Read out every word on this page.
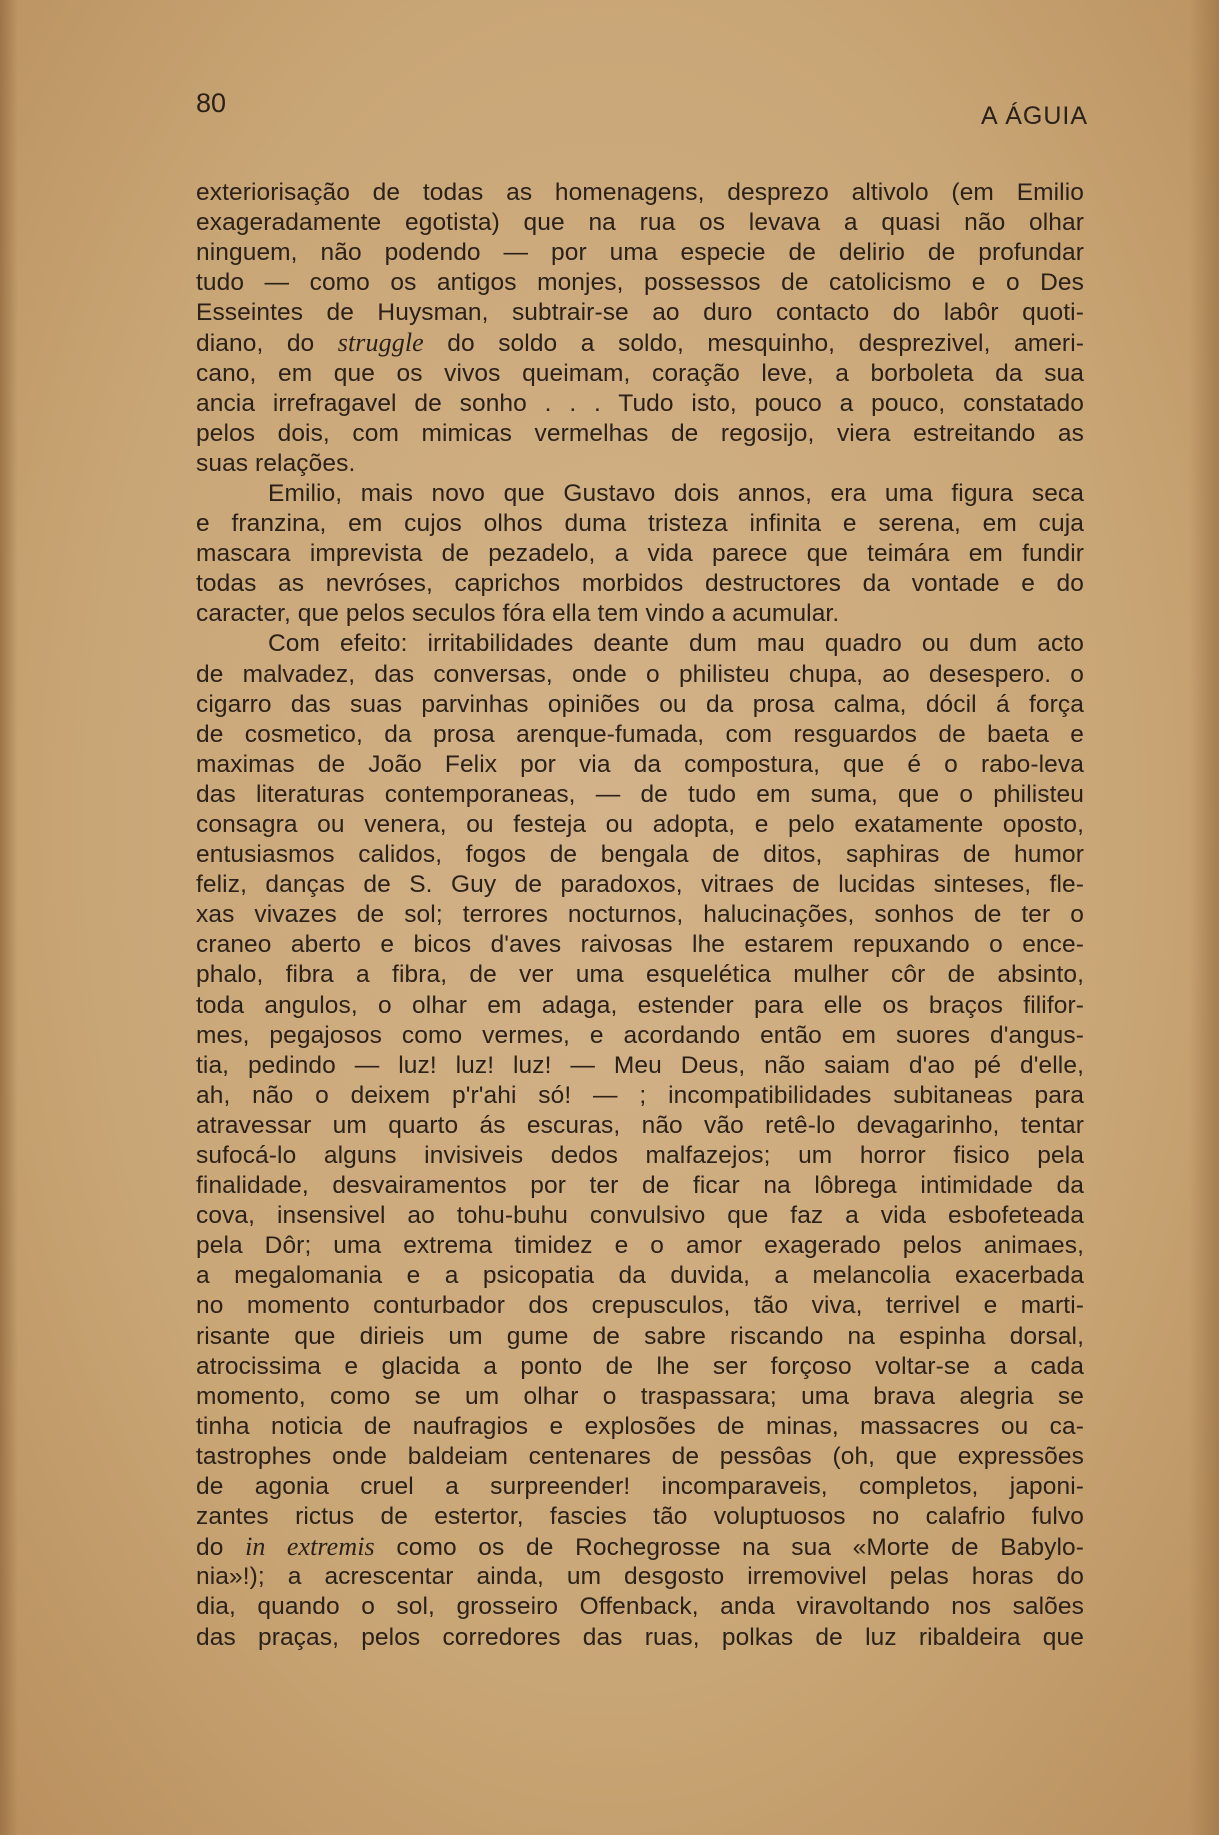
80	A ÁGUIA
exteriorisação de todas as homenagens, desprezo altivolo (em Emilio
exageradamente egotista) que na rua os levava a quasi não olhar
ninguem, não podendo — por uma especie de delirio de profundar
tudo — como os antigos monjes, possessos de catolicismo e o Des
Esseintes de Huysman, subtrair-se ao duro contacto do labôr quoti-
diano, do struggle do soldo a soldo, mesquinho, desprezivel, ameri-
cano, em que os vivos queimam, coração leve, a borboleta da sua
ancia irrefragavel de sonho . . . Tudo isto, pouco a pouco, constatado
pelos dois, com mimicas vermelhas de regosijo, viera estreitando as
suas relações.
Emilio, mais novo que Gustavo dois annos, era uma figura seca
e franzina, em cujos olhos duma tristeza infinita e serena, em cuja
mascara imprevista de pezadelo, a vida parece que teimára em fundir
todas as nevróses, caprichos morbidos destructores da vontade e do
caracter, que pelos seculos fóra ella tem vindo a acumular.
Com efeito: irritabilidades deante dum mau quadro ou dum acto
de malvadez, das conversas, onde o philisteu chupa, ao desespero. o
cigarro das suas parvinhas opiniões ou da prosa calma, dócil á força
de cosmetico, da prosa arenque-fumada, com resguardos de baeta e
maximas de João Felix por via da compostura, que é o rabo-leva
das literaturas contemporaneas, — de tudo em suma, que o philisteu
consagra ou venera, ou festeja ou adopta, e pelo exatamente oposto,
entusiasmos calidos, fogos de bengala de ditos, saphiras de humor
feliz, danças de S. Guy de paradoxos, vitraes de lucidas sinteses, fle-
xas vivazes de sol; terrores nocturnos, halucinações, sonhos de ter o
craneo aberto e bicos d'aves raivosas lhe estarem repuxando o ence-
phalo, fibra a fibra, de ver uma esquelética mulher côr de absinto,
toda angulos, o olhar em adaga, estender para elle os braços filifor-
mes, pegajosos como vermes, e acordando então em suores d'angus-
tia, pedindo — luz! luz! luz! — Meu Deus, não saiam d'ao pé d'elle,
ah, não o deixem p'r'ahi só! — ; incompatibilidades subitaneas para
atravessar um quarto ás escuras, não vão retê-lo devagarinho, tentar
sufocá-lo alguns invisiveis dedos malfazejos; um horror fisico pela
finalidade, desvairamentos por ter de ficar na lôbrega intimidade da
cova, insensivel ao tohu-buhu convulsivo que faz a vida esbofeteada
pela Dôr; uma extrema timidez e o amor exagerado pelos animaes,
a megalomania e a psicopatia da duvida, a melancolia exacerbada
no momento conturbador dos crepusculos, tão viva, terrivel e marti-
risante que dirieis um gume de sabre riscando na espinha dorsal,
atrocissima e glacida a ponto de lhe ser forçoso voltar-se a cada
momento, como se um olhar o traspassara; uma brava alegria se
tinha noticia de naufragios e explosões de minas, massacres ou ca-
tastrophes onde baldeiam centenares de pessôas (oh, que expressões
de agonia cruel a surpreender! incomparaveis, completos, japoni-
zantes rictus de estertor, fascies tão voluptuosos no calafrio fulvo
do in extremis como os de Rochegrosse na sua «Morte de Babylo-
nia»!); a acrescentar ainda, um desgosto irremovivel pelas horas do
dia, quando o sol, grosseiro Offenback, anda viravoltando nos salões
das praças, pelos corredores das ruas, polkas de luz ribaldeira que
